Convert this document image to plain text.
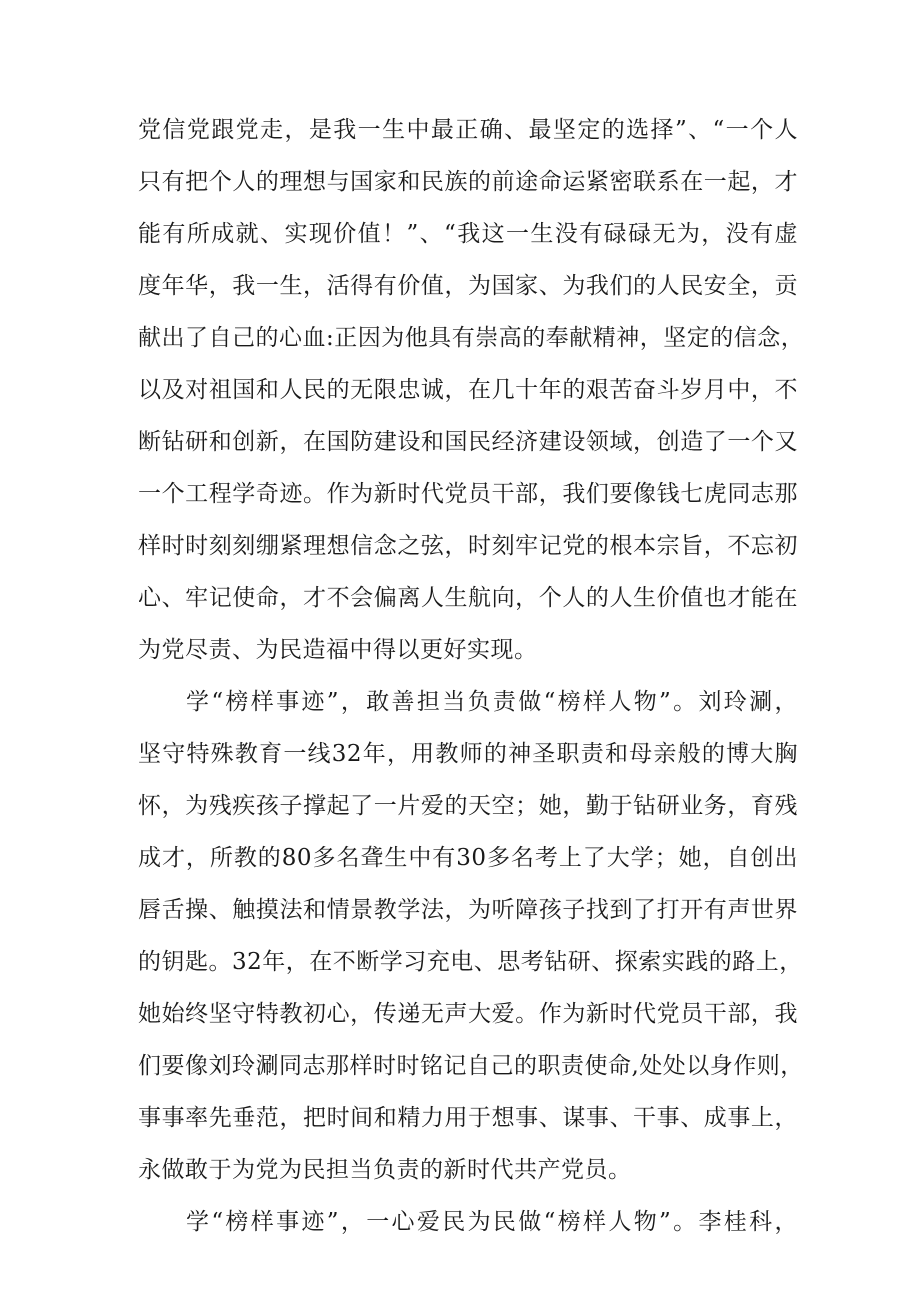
党信党跟党走，是我一生中最正确、最坚定的选择”、“一个人
只有把个人的理想与国家和民族的前途命运紧密联系在一起，才
能有所成就、实现价值！”、“我这一生没有碌碌无为，没有虚
度年华，我一生，活得有价值，为国家、为我们的人民安全，贡
献出了自己的心血:正因为他具有崇高的奉献精神，坚定的信念，
以及对祖国和人民的无限忠诚，在几十年的艰苦奋斗岁月中，不
断钻研和创新，在国防建设和国民经济建设领域，创造了一个又
一个工程学奇迹。作为新时代党员干部，我们要像钱七虎同志那
样时时刻刻绷紧理想信念之弦，时刻牢记党的根本宗旨，不忘初
心、牢记使命，才不会偏离人生航向，个人的人生价值也才能在
为党尽责、为民造福中得以更好实现。
学“榜样事迹”，敢善担当负责做“榜样人物”。刘玲涮，
坚守特殊教育一线32年，用教师的神圣职责和母亲般的博大胸
怀，为残疾孩子撑起了一片爱的天空；她，勤于钻研业务，育残
成才，所教的80多名聋生中有30多名考上了大学；她，自创出
唇舌操、触摸法和情景教学法，为听障孩子找到了打开有声世界
的钥匙。32年，在不断学习充电、思考钻研、探索实践的路上，
她始终坚守特教初心，传递无声大爱。作为新时代党员干部，我
们要像刘玲涮同志那样时时铭记自己的职责使命,处处以身作则，
事事率先垂范，把时间和精力用于想事、谋事、干事、成事上，
永做敢于为党为民担当负责的新时代共产党员。
学“榜样事迹”，一心爱民为民做“榜样人物”。李桂科，
